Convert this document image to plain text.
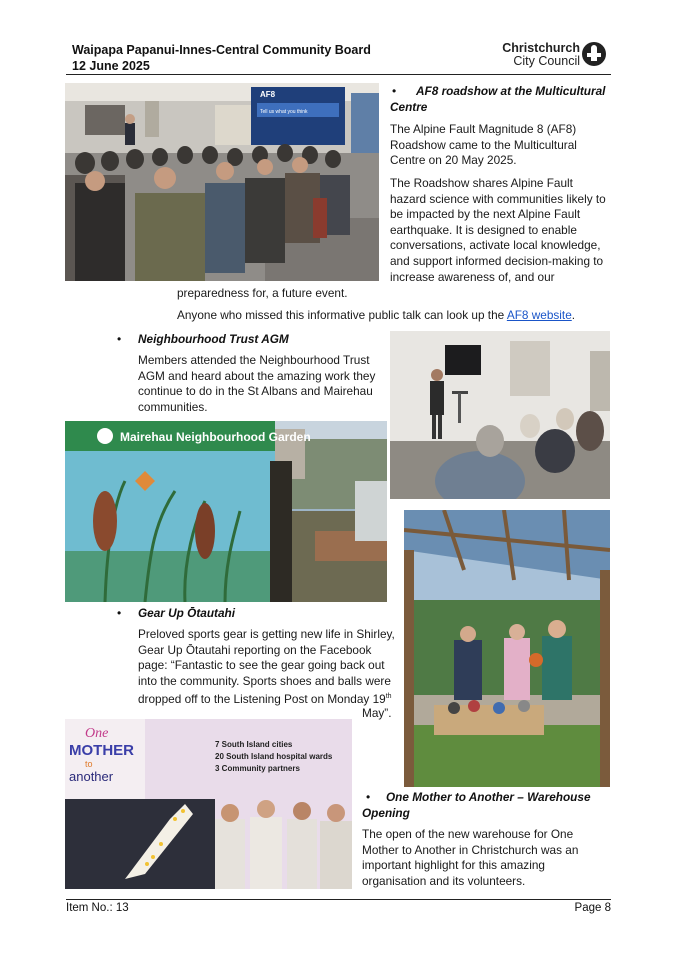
Waipapa Papanui-Innes-Central Community Board
12 June 2025
Christchurch
City Council
AF8
Tell us what you think
•	AF8 roadshow at the Multicultural Centre
The Alpine Fault Magnitude 8 (AF8) Roadshow came to the Multicultural Centre on 20 May 2025.
The Roadshow shares Alpine Fault hazard science with communities likely to be impacted by the next Alpine Fault earthquake. It is designed to enable conversations, activate local knowledge, and support informed decision-making to increase awareness of, and our
preparedness for, a future event.
Anyone who missed this informative public talk can look up the AF8 website.
• Neighbourhood Trust AGM
Members attended the Neighbourhood Trust AGM and heard about the amazing work they continue to do in the St Albans and Mairehau communities.
Mairehau Neighbourhood Garden
• Gear Up Ōtautahi
Preloved sports gear is getting new life in Shirley, Gear Up Ōtautahi reporting on the Facebook page: “Fantastic to see the gear going back out into the community. Sports shoes and balls were dropped off to the Listening Post on Monday 19th
May”.
One
MOTHER
to
another
7 South Island cities
20 South Island hospital wards
3 Community partners
•	One Mother to Another – Warehouse Opening
The open of the new warehouse for One Mother to Another in Christchurch was an important highlight for this amazing organisation and its volunteers.
Item No.: 13	Page 8
